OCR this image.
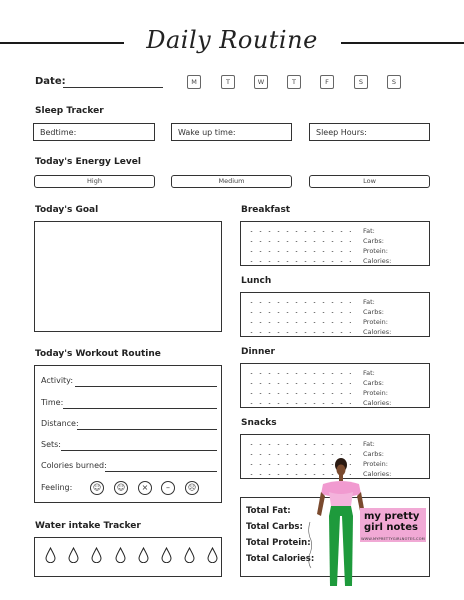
Daily Routine
Date:	M	T	W	T	F	S	S
Sleep Tracker
Bedtime:	Wake up time:	Sleep Hours:
Today's Energy Level
High	Medium	Low
Today's Goal	Breakfast
Fat:
Carbs:
Protein:
Calories:
Lunch
Fat:
Carbs:
Protein:
Calories:
Dinner
Fat:
Carbs:
Protein:
Calories:
Snacks
Fat:
Carbs:
Protein:
Calories:
Today's Workout Routine
Activity:
Time:
Distance:
Sets:
Colories burned:
Feeling:	☺	☺	×	–	☹
Water intake Tracker
Total Fat:
Total Carbs:
Total Protein:
Total Calories:
my pretty
girl notes
WWW.MYPRETTYGIRLNOTES.COM
